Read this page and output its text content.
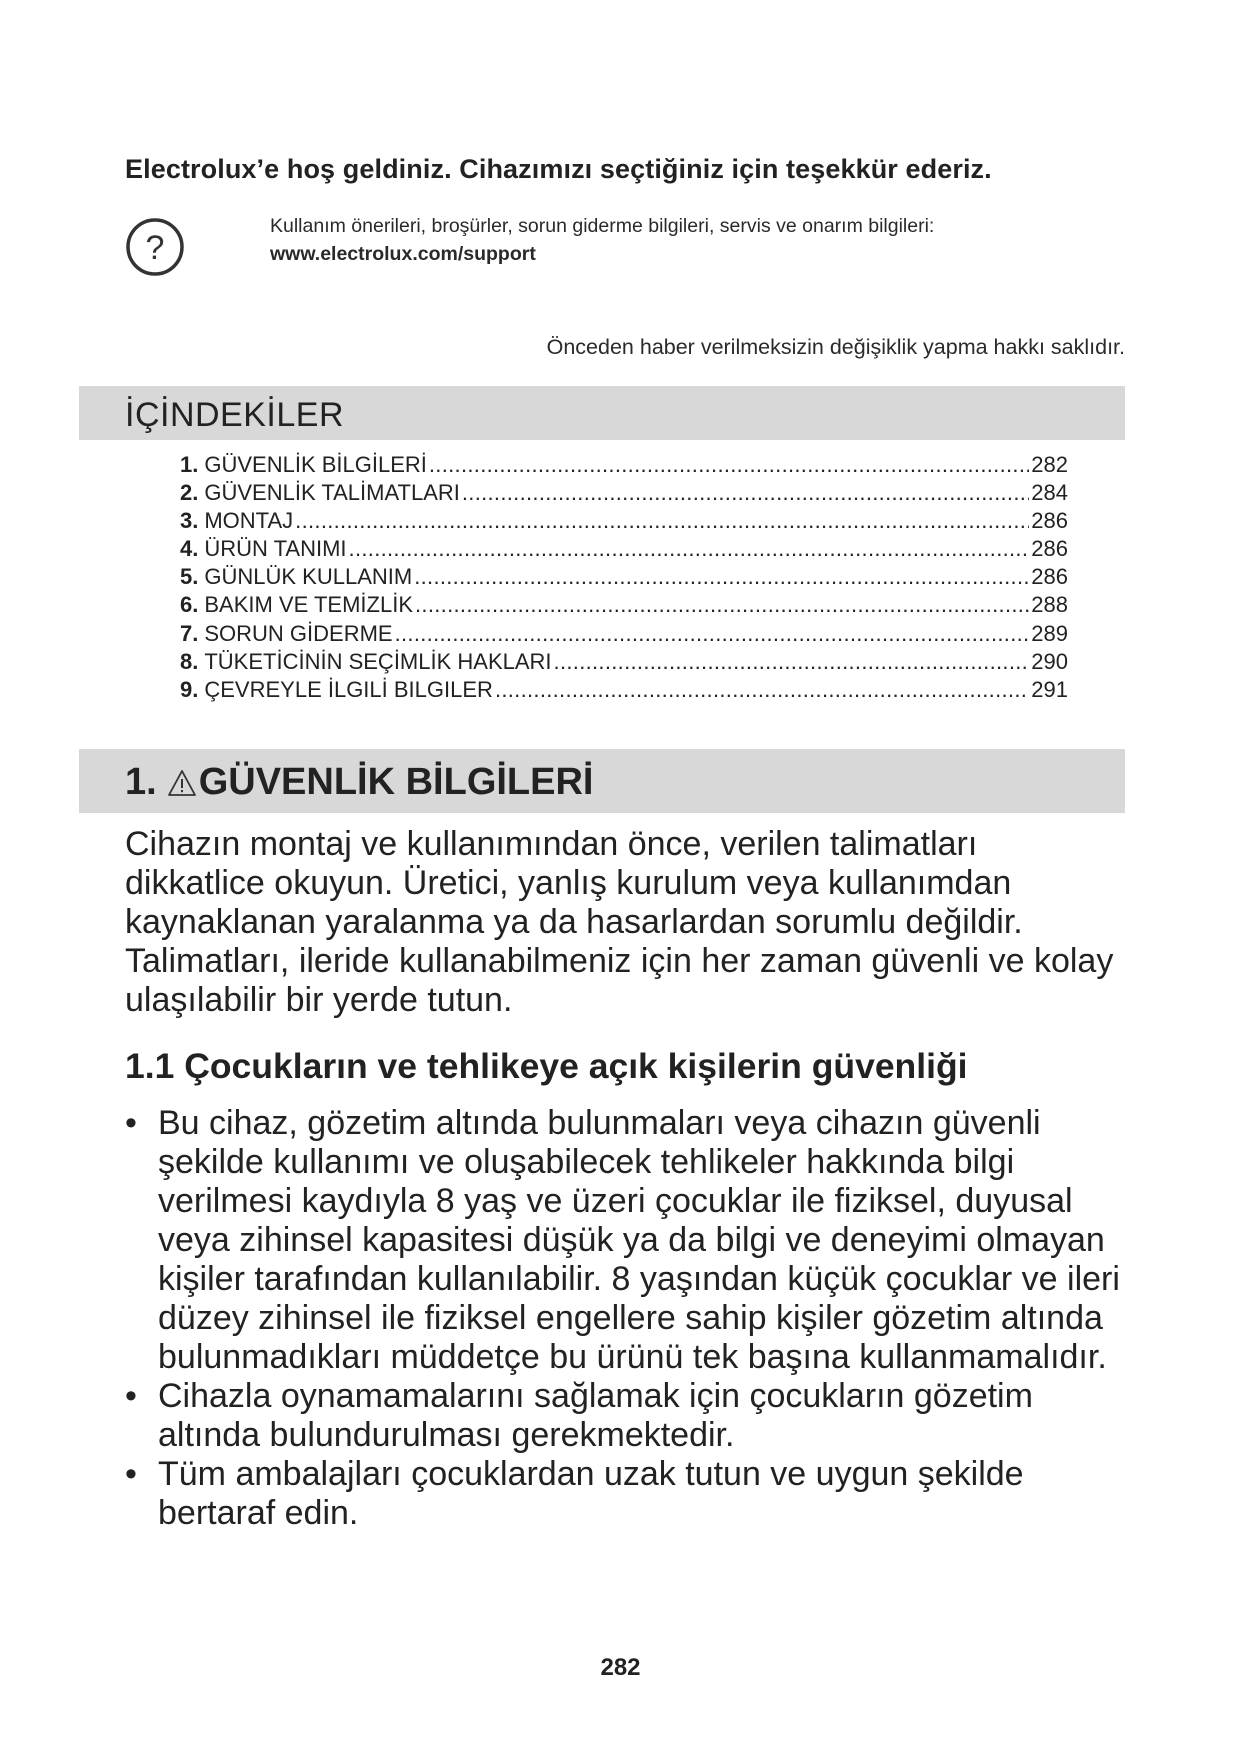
Electrolux’e hoş geldiniz. Cihazımızı seçtiğiniz için teşekkür ederiz.
?
Kullanım önerileri, broşürler, sorun giderme bilgileri, servis ve onarım bilgileri:
www.electrolux.com/support
Önceden haber verilmeksizin değişiklik yapma hakkı saklıdır.
İÇİNDEKİLER
1. GÜVENLİK BİLGİLERİ .....	282
2. GÜVENLİK TALİMATLARI .....	284
3. MONTAJ .....	286
4. ÜRÜN TANIMI .....	286
5. GÜNLÜK KULLANIM .....	286
6. BAKIM VE TEMİZLİK .....	288
7. SORUN GİDERME .....	289
8. TÜKETİCİNİN SEÇİMLİK HAKLARI .....	290
9. ÇEVREYLE İLGILİ BILGILER .....	291
1. GÜVENLİK BİLGİLERİ
Cihazın montaj ve kullanımından önce, verilen talimatları dikkatlice okuyun. Üretici, yanlış kurulum veya kullanımdan kaynaklanan yaralanma ya da hasarlardan sorumlu değildir. Talimatları, ileride kullanabilmeniz için her zaman güvenli ve kolay ulaşılabilir bir yerde tutun.
1.1 Çocukların ve tehlikeye açık kişilerin güvenliği
• Bu cihaz, gözetim altında bulunmaları veya cihazın güvenli şekilde kullanımı ve oluşabilecek tehlikeler hakkında bilgi verilmesi kaydıyla 8 yaş ve üzeri çocuklar ile fiziksel, duyusal veya zihinsel kapasitesi düşük ya da bilgi ve deneyimi olmayan kişiler tarafından kullanılabilir. 8 yaşından küçük çocuklar ve ileri düzey zihinsel ile fiziksel engellere sahip kişiler gözetim altında bulunmadıkları müddetçe bu ürünü tek başına kullanmamalıdır.
• Cihazla oynamamalarını sağlamak için çocukların gözetim altında bulundurulması gerekmektedir.
• Tüm ambalajları çocuklardan uzak tutun ve uygun şekilde bertaraf edin.
282
